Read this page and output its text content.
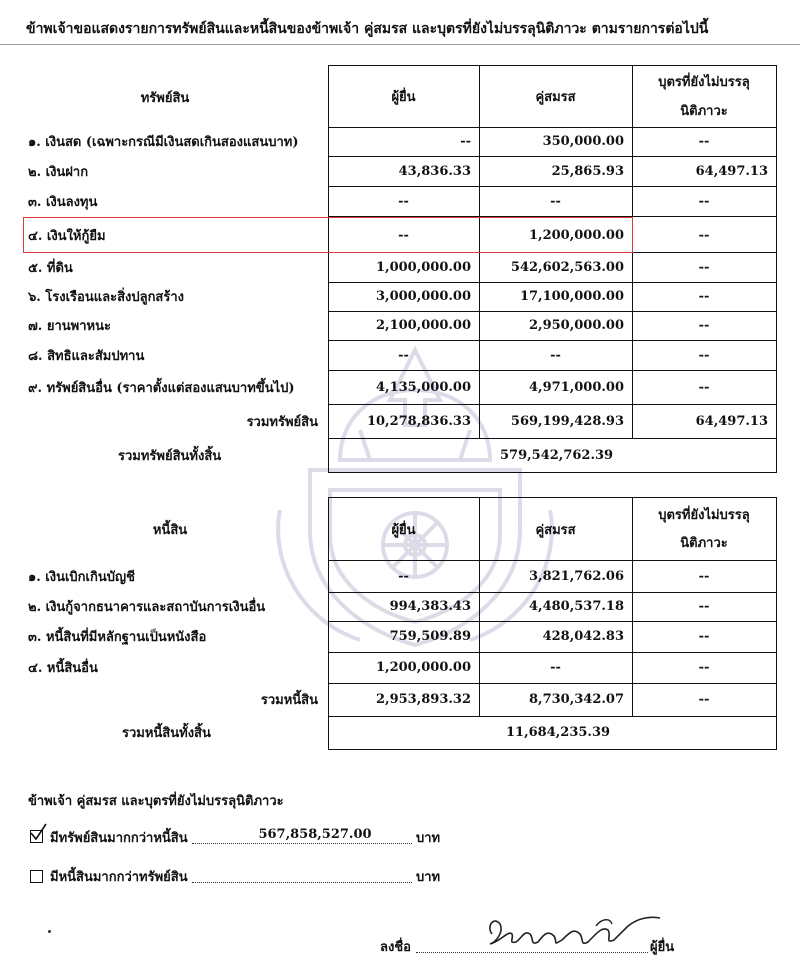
ข้าพเจ้าขอแสดงรายการทรัพย์สินและหนี้สินของข้าพเจ้า คู่สมรส และบุตรที่ยังไม่บรรลุนิติภาวะ ตามรายการต่อไปนี้
ทรัพย์สิน	ผู้ยื่น	คู่สมรส
บุตรที่ยังไม่บรรลุ
นิติภาวะ
๑. เงินสด (เฉพาะกรณีมีเงินสดเกินสองแสนบาท)	--	350,000.00	--
๒. เงินฝาก	43,836.33	25,865.93	64,497.13
๓. เงินลงทุน	--	--	--
๔. เงินให้กู้ยืม	--	1,200,000.00	--
๕. ที่ดิน	1,000,000.00	542,602,563.00	--
๖. โรงเรือนและสิ่งปลูกสร้าง	3,000,000.00	17,100,000.00	--
๗. ยานพาหนะ	2,100,000.00	2,950,000.00	--
๘. สิทธิและสัมปทาน	--	--	--
๙. ทรัพย์สินอื่น (ราคาตั้งแต่สองแสนบาทขึ้นไป)	4,135,000.00	4,971,000.00	--
รวมทรัพย์สิน	10,278,836.33	569,199,428.93	64,497.13
รวมทรัพย์สินทั้งสิ้น	579,542,762.39
หนี้สิน	ผู้ยื่น	คู่สมรส
บุตรที่ยังไม่บรรลุ
นิติภาวะ
๑. เงินเบิกเกินบัญชี	--	3,821,762.06	--
๒. เงินกู้จากธนาคารและสถาบันการเงินอื่น	994,383.43	4,480,537.18	--
๓. หนี้สินที่มีหลักฐานเป็นหนังสือ	759,509.89	428,042.83	--
๔. หนี้สินอื่น	1,200,000.00	--	--
รวมหนี้สิน	2,953,893.32	8,730,342.07	--
รวมหนี้สินทั้งสิ้น	11,684,235.39
ข้าพเจ้า คู่สมรส และบุตรที่ยังไม่บรรลุนิติภาวะ
มีทรัพย์สินมากกว่าหนี้สิน	567,858,527.00	บาท
มีหนี้สินมากกว่าทรัพย์สิน	บาท
ลงชื่อ	ผู้ยื่น
